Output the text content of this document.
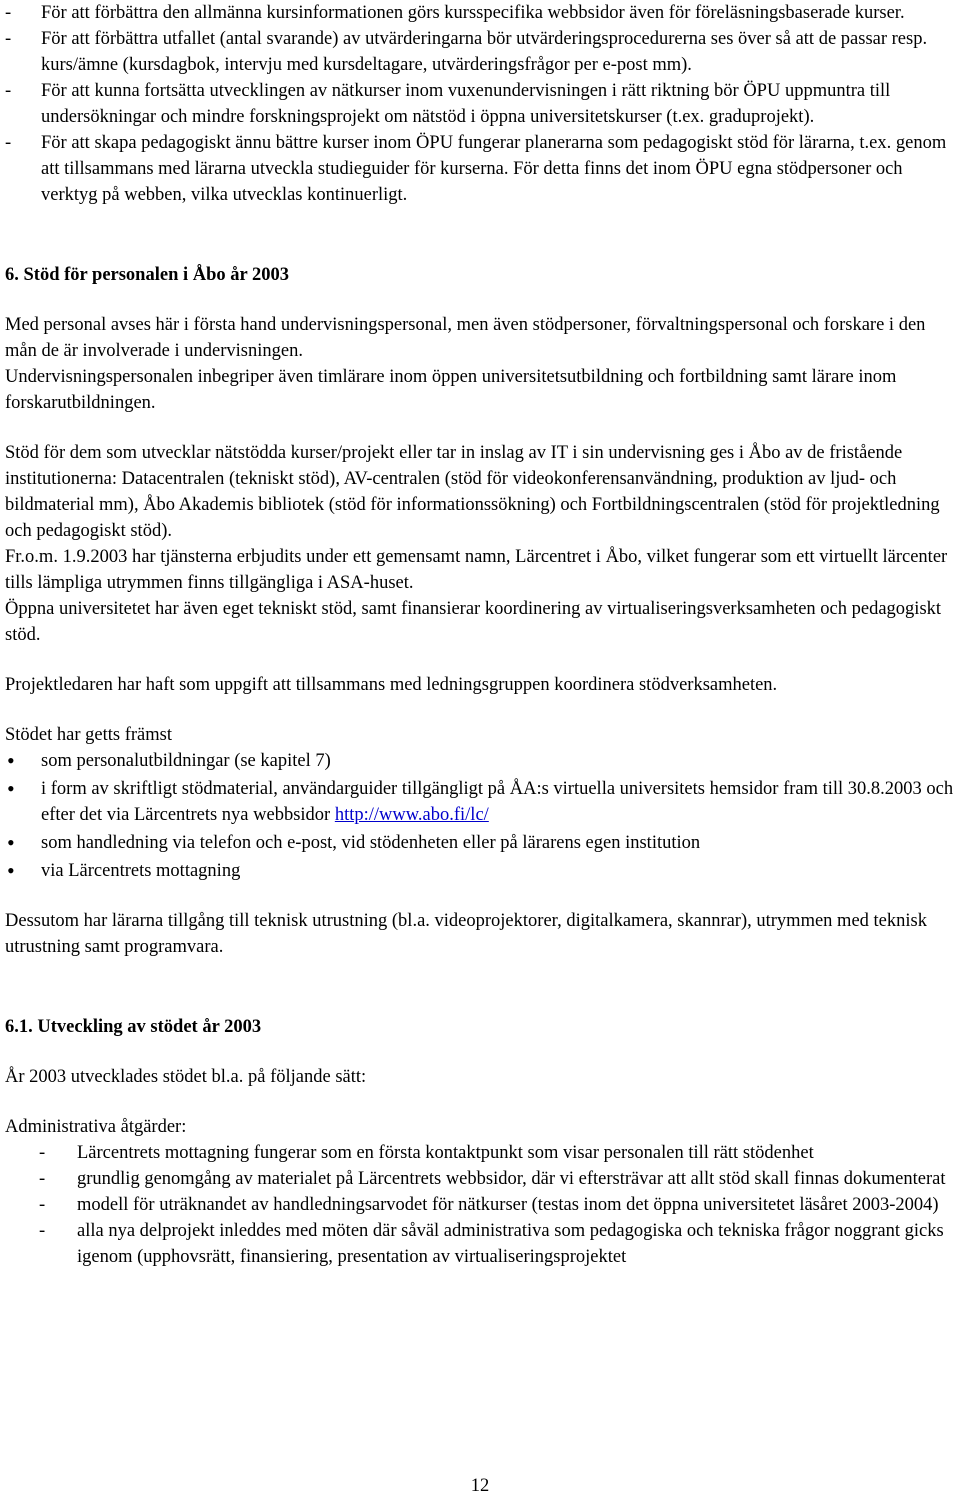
- För att förbättra den allmänna kursinformationen görs kursspecifika webbsidor även för föreläsningsbaserade kurser.
- För att förbättra utfallet (antal svarande) av utvärderingarna bör utvärderingsprocedurerna ses över så att de passar resp. kurs/ämne (kursdagbok, intervju med kursdeltagare, utvärderingsfrågor per e-post mm).
- För att kunna fortsätta utvecklingen av nätkurser inom vuxenundervisningen i rätt riktning bör ÖPU uppmuntra till undersökningar och mindre forskningsprojekt om nätstöd i öppna universitetskurser (t.ex. graduprojekt).
- För att skapa pedagogiskt ännu bättre kurser inom ÖPU fungerar planerarna som pedagogiskt stöd för lärarna, t.ex. genom att tillsammans med lärarna utveckla studieguider för kurserna. För detta finns det inom ÖPU egna stödpersoner och verktyg på webben, vilka utvecklas kontinuerligt.
6. Stöd för personalen i Åbo år 2003

Med personal avses här i första hand undervisningspersonal, men även stödpersoner, förvaltningspersonal och forskare i den mån de är involverade i undervisningen.

Undervisningspersonalen inbegriper även timlärare inom öppen universitetsutbildning och fortbildning samt lärare inom forskarutbildningen.

Stöd för dem som utvecklar nätstödda kurser/projekt eller tar in inslag av IT i sin undervisning ges i Åbo av de fristående institutionerna: Datacentralen (tekniskt stöd), AV-centralen (stöd för videokonferensanvändning, produktion av ljud- och bildmaterial mm), Åbo Akademis bibliotek (stöd för informationssökning) och Fortbildningscentralen (stöd för projektledning och pedagogiskt stöd).

Fr.o.m. 1.9.2003 har tjänsterna erbjudits under ett gemensamt namn, Lärcentret i Åbo, vilket fungerar som ett virtuellt lärcenter tills lämpliga utrymmen finns tillgängliga i ASA-huset.

Öppna universitetet har även eget tekniskt stöd, samt finansierar koordinering av virtualiseringsverksamheten och pedagogiskt stöd.

Projektledaren har haft som uppgift att tillsammans med ledningsgruppen koordinera stödverksamheten.

Stödet har getts främst

• som personalutbildningar (se kapitel 7)
• i form av skriftligt stödmaterial, användarguider tillgängligt på ÅA:s virtuella universitets hemsidor fram till 30.8.2003 och efter det via Lärcentrets nya webbsidor http://www.abo.fi/lc/
• som handledning via telefon och e-post, vid stödenheten eller på lärarens egen institution
• via Lärcentrets mottagning

Dessutom har lärarna tillgång till teknisk utrustning (bl.a. videoprojektorer, digitalkamera, skannrar), utrymmen med teknisk utrustning samt programvara.

6.1. Utveckling av stödet år 2003

År 2003 utvecklades stödet bl.a. på följande sätt:

Administrativa åtgärder:

- Lärcentrets mottagning fungerar som en första kontaktpunkt som visar personalen till rätt stödenhet
- grundlig genomgång av materialet på Lärcentrets webbsidor, där vi eftersträvar att allt stöd skall finnas dokumenterat
- modell för uträknandet av handledningsarvodet för nätkurser (testas inom det öppna universitetet läsåret 2003-2004)
- alla nya delprojekt inleddes med möten där såväl administrativa som pedagogiska och tekniska frågor noggrant gicks igenom (upphovsrätt, finansiering, presentation av virtualiseringsprojektet
12
